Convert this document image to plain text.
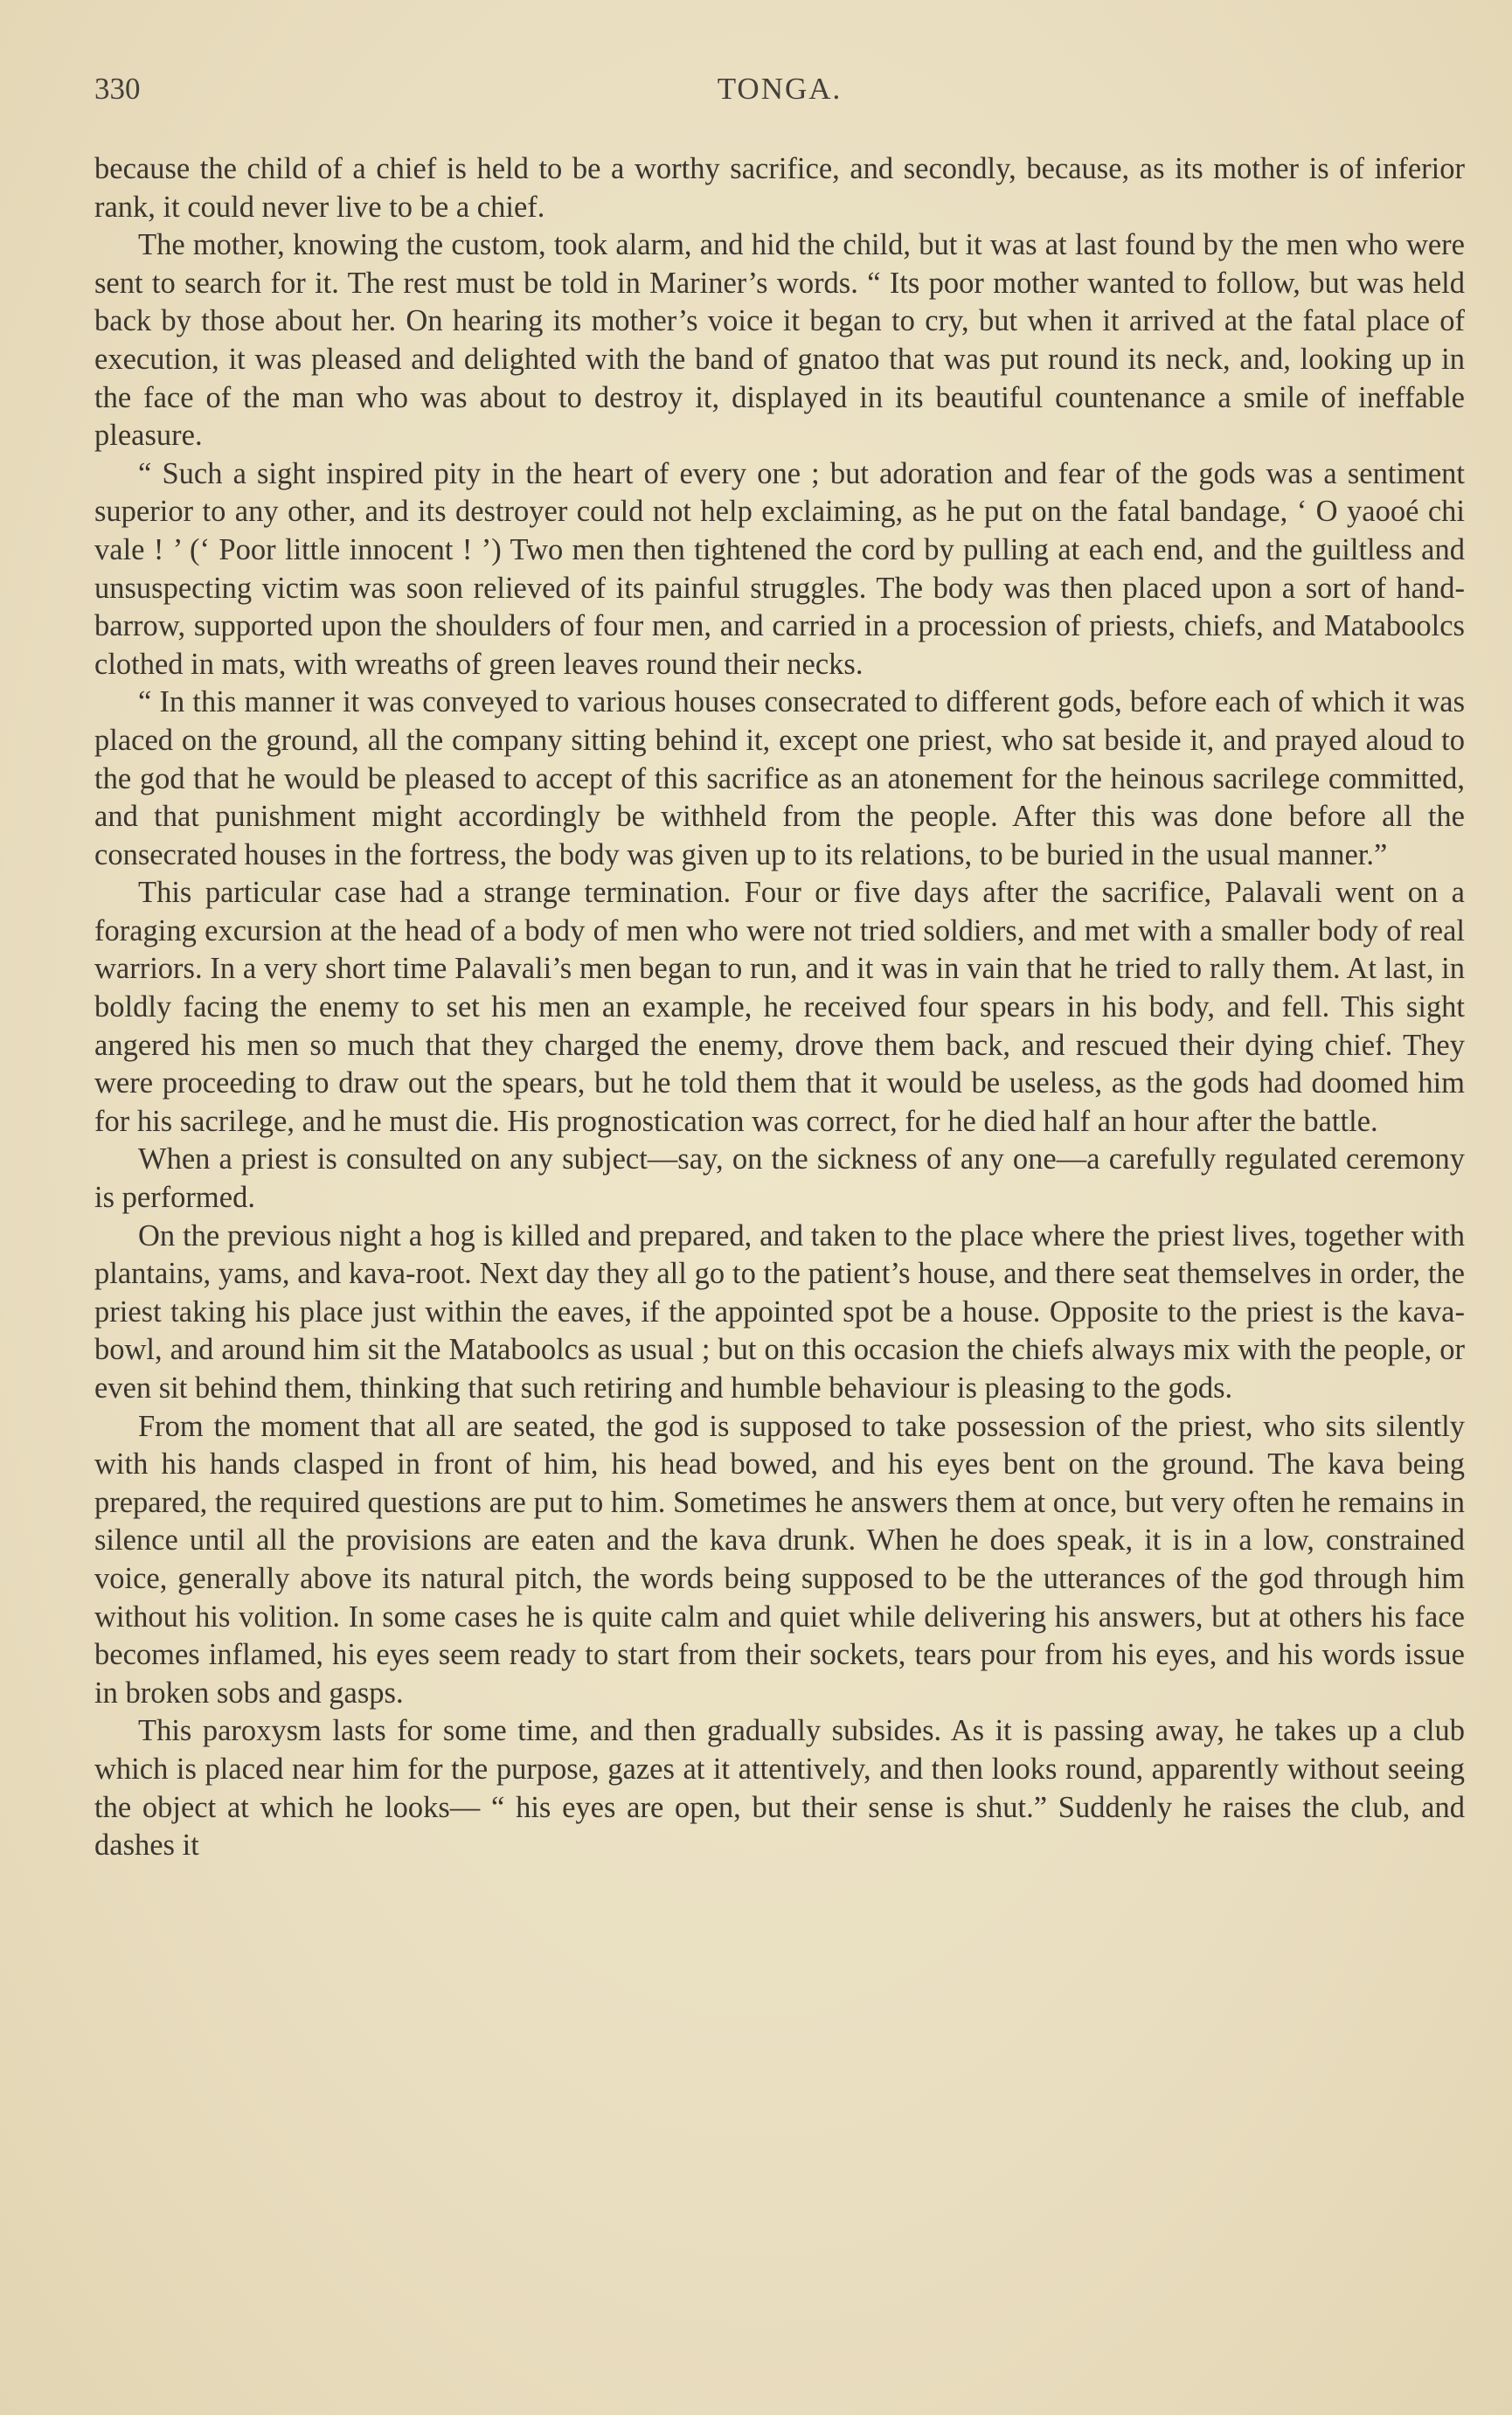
330	TONGA.

because the child of a chief is held to be a worthy sacrifice, and secondly, because, as its mother is of inferior rank, it could never live to be a chief.

The mother, knowing the custom, took alarm, and hid the child, but it was at last found by the men who were sent to search for it. The rest must be told in Mariner’s words. “ Its poor mother wanted to follow, but was held back by those about her. On hearing its mother’s voice it began to cry, but when it arrived at the fatal place of execution, it was pleased and delighted with the band of gnatoo that was put round its neck, and, looking up in the face of the man who was about to destroy it, displayed in its beautiful countenance a smile of ineffable pleasure.

“ Such a sight inspired pity in the heart of every one ; but adoration and fear of the gods was a sentiment superior to any other, and its destroyer could not help exclaiming, as he put on the fatal bandage, ‘ O yaooé chi vale ! ’ (‘ Poor little innocent ! ’) Two men then tightened the cord by pulling at each end, and the guiltless and unsuspecting victim was soon relieved of its painful struggles. The body was then placed upon a sort of hand-barrow, supported upon the shoulders of four men, and carried in a procession of priests, chiefs, and Mataboolcs clothed in mats, with wreaths of green leaves round their necks.

“ In this manner it was conveyed to various houses consecrated to different gods, before each of which it was placed on the ground, all the company sitting behind it, except one priest, who sat beside it, and prayed aloud to the god that he would be pleased to accept of this sacrifice as an atonement for the heinous sacrilege committed, and that punishment might accordingly be withheld from the people. After this was done before all the consecrated houses in the fortress, the body was given up to its relations, to be buried in the usual manner.”

This particular case had a strange termination. Four or five days after the sacrifice, Palavali went on a foraging excursion at the head of a body of men who were not tried soldiers, and met with a smaller body of real warriors. In a very short time Palavali’s men began to run, and it was in vain that he tried to rally them. At last, in boldly facing the enemy to set his men an example, he received four spears in his body, and fell. This sight angered his men so much that they charged the enemy, drove them back, and rescued their dying chief. They were proceeding to draw out the spears, but he told them that it would be useless, as the gods had doomed him for his sacrilege, and he must die. His prognostication was correct, for he died half an hour after the battle.

When a priest is consulted on any subject—say, on the sickness of any one—a carefully regulated ceremony is performed.

On the previous night a hog is killed and prepared, and taken to the place where the priest lives, together with plantains, yams, and kava-root. Next day they all go to the patient’s house, and there seat themselves in order, the priest taking his place just within the eaves, if the appointed spot be a house. Opposite to the priest is the kava-bowl, and around him sit the Mataboolcs as usual ; but on this occasion the chiefs always mix with the people, or even sit behind them, thinking that such retiring and humble behaviour is pleasing to the gods.

From the moment that all are seated, the god is supposed to take possession of the priest, who sits silently with his hands clasped in front of him, his head bowed, and his eyes bent on the ground. The kava being prepared, the required questions are put to him. Sometimes he answers them at once, but very often he remains in silence until all the provisions are eaten and the kava drunk. When he does speak, it is in a low, constrained voice, generally above its natural pitch, the words being supposed to be the utterances of the god through him without his volition. In some cases he is quite calm and quiet while delivering his answers, but at others his face becomes inflamed, his eyes seem ready to start from their sockets, tears pour from his eyes, and his words issue in broken sobs and gasps.

This paroxysm lasts for some time, and then gradually subsides. As it is passing away, he takes up a club which is placed near him for the purpose, gazes at it attentively, and then looks round, apparently without seeing the object at which he looks— “ his eyes are open, but their sense is shut.” Suddenly he raises the club, and dashes it
